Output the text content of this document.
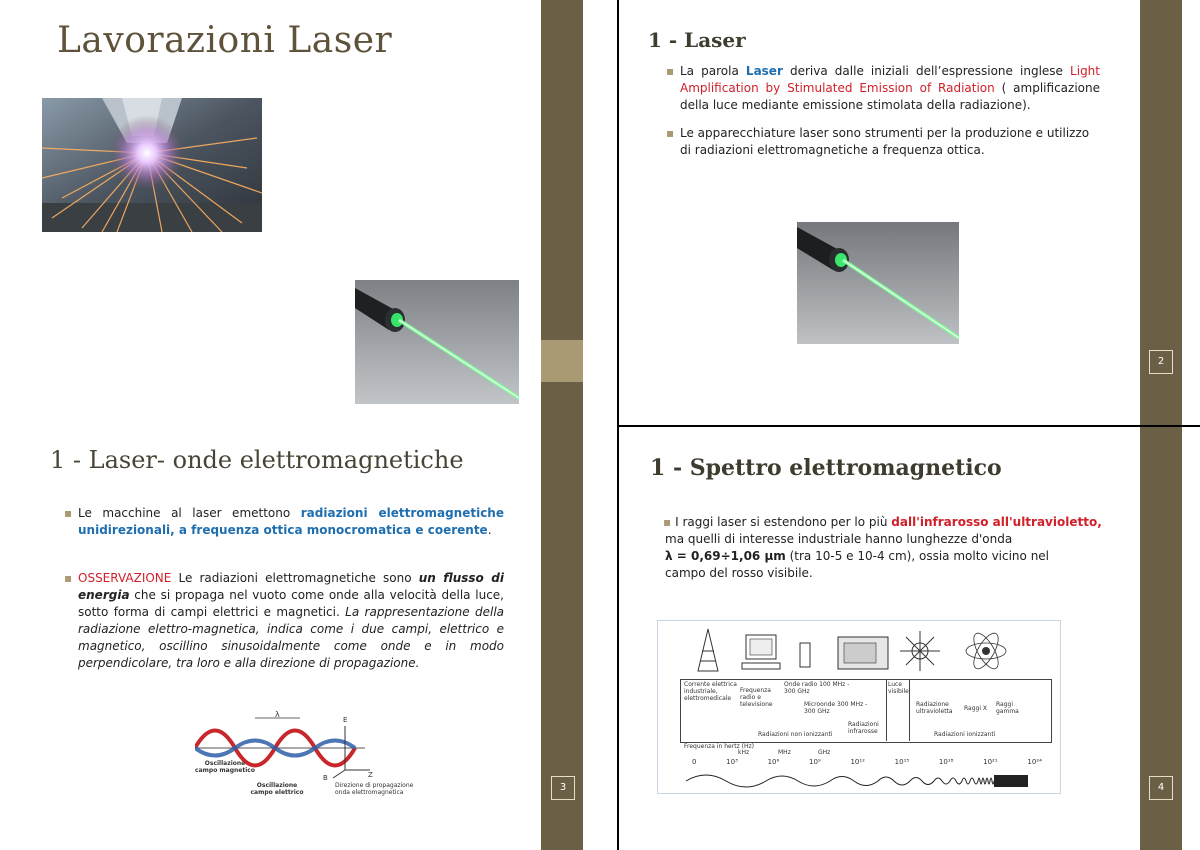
2
3	4
Lavorazioni Laser	1 - Laser
▪ La parola Laser deriva dalle iniziali dell’espressione inglese Light Amplification by Stimulated Emission of Radiation ( amplificazione della luce mediante emissione stimolata della radiazione).
▪ Le apparecchiature laser sono strumenti per la produzione e utilizzo di radiazioni elettromagnetiche a frequenza ottica.
1 - Laser- onde elettromagnetiche
▪ Le macchine al laser emettono radiazioni elettromagnetiche unidirezionali, a frequenza ottica monocromatica e coerente.
▪ OSSERVAZIONE Le radiazioni elettromagnetiche sono un flusso di energia che si propaga nel vuoto come onde alla velocità della luce, sotto forma di campi elettrici e magnetici. La rappresentazione della radiazione elettro-magnetica, indica come i due campi, elettrico e magnetico, oscillino sinusoidalmente come onde e in modo perpendicolare, tra loro e alla direzione di propagazione.
λ
E
B	Z
Oscillazione campo magnetico
Oscillazione campo elettrico
Direzione di propagazione onda elettromagnetica
1 - Spettro elettromagnetico
▪ I raggi laser si estendono per lo più dall'infrarosso all'ultravioletto,
ma quelli di interesse industriale hanno lunghezze d'onda
λ = 0,69÷1,06 μm (tra 10-5 e 10-4 cm), ossia molto vicino nel
campo del rosso visibile.
Corrente elettrica industriale, elettromedicale
Frequenza radio e televisione
Onde radio 100 MHz - 300 GHz
Microonde 300 MHz - 300 GHz
Radiazioni infrarosse
Luce visibile
Radiazione ultravioletta	Raggi X
Raggi gamma
Radiazioni non ionizzanti	Radiazioni ionizzanti
Frequenza in hertz (Hz)
kHz	MHz	GHz
0	10³	10⁶	10⁹	10¹²	10¹⁵	10¹⁸	10²¹	10²⁴
